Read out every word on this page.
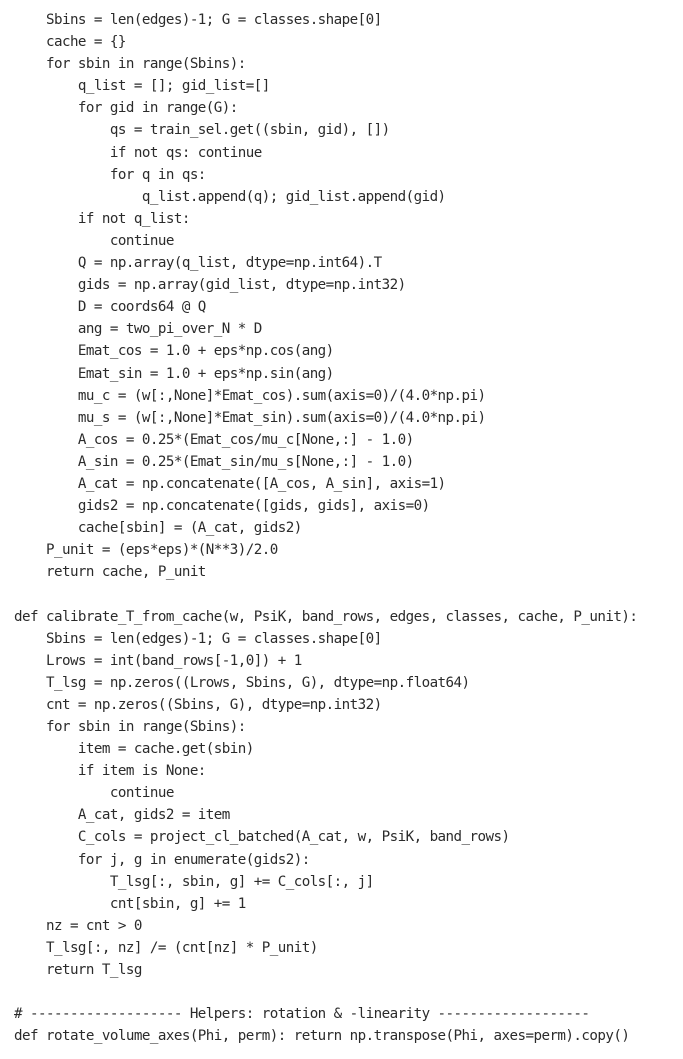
Sbins = len(edges)-1; G = classes.shape[0]
cache = {}
for sbin in range(Sbins):
q_list = []; gid_list=[]
for gid in range(G):
qs = train_sel.get((sbin, gid), [])
if not qs: continue
for q in qs:
q_list.append(q); gid_list.append(gid)
if not q_list:
continue
Q = np.array(q_list, dtype=np.int64).T
gids = np.array(gid_list, dtype=np.int32)
D = coords64 @ Q
ang = two_pi_over_N * D
Emat_cos = 1.0 + eps*np.cos(ang)
Emat_sin = 1.0 + eps*np.sin(ang)
mu_c = (w[:,None]*Emat_cos).sum(axis=0)/(4.0*np.pi)
mu_s = (w[:,None]*Emat_sin).sum(axis=0)/(4.0*np.pi)
A_cos = 0.25*(Emat_cos/mu_c[None,:] - 1.0)
A_sin = 0.25*(Emat_sin/mu_s[None,:] - 1.0)
A_cat = np.concatenate([A_cos, A_sin], axis=1)
gids2 = np.concatenate([gids, gids], axis=0)
cache[sbin] = (A_cat, gids2)
P_unit = (eps*eps)*(N**3)/2.0
return cache, P_unit
def calibrate_T_from_cache(w, PsiK, band_rows, edges, classes, cache, P_unit):
Sbins = len(edges)-1; G = classes.shape[0]
Lrows = int(band_rows[-1,0]) + 1
T_lsg = np.zeros((Lrows, Sbins, G), dtype=np.float64)
cnt = np.zeros((Sbins, G), dtype=np.int32)
for sbin in range(Sbins):
item = cache.get(sbin)
if item is None:
continue
A_cat, gids2 = item
C_cols = project_cl_batched(A_cat, w, PsiK, band_rows)
for j, g in enumerate(gids2):
T_lsg[:, sbin, g] += C_cols[:, j]
cnt[sbin, g] += 1
nz = cnt > 0
T_lsg[:, nz] /= (cnt[nz] * P_unit)
return T_lsg
# ------------------- Helpers: rotation & -linearity -------------------
def rotate_volume_axes(Phi, perm): return np.transpose(Phi, axes=perm).copy()
